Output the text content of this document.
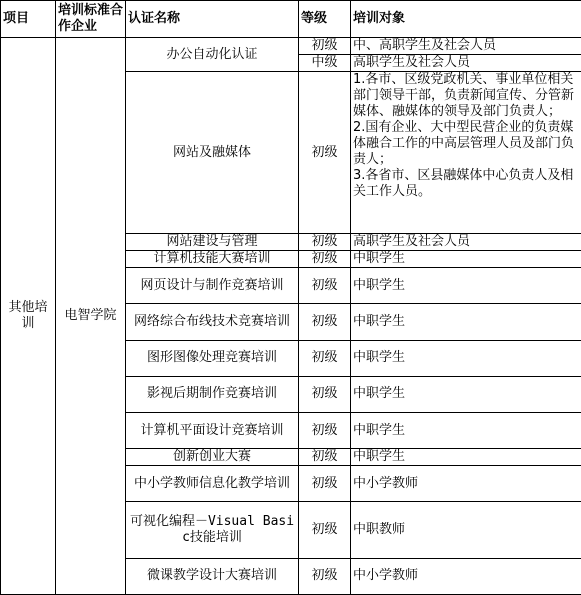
项目	培训标准合作企业	认证名称	等级	培训对象
其他培训	电智学院	办公自动化认证	初级	中、高职学生及社会人员
			中级	高职学生及社会人员
		网站及融媒体	初级	1.各市、区级党政机关、事业单位相关部门领导干部，负责新闻宣传、分管新媒体、融媒体的领导及部门负责人；
2.国有企业、大中型民营企业的负责媒体融合工作的中高层管理人员及部门负责人；
3.各省市、区县融媒体中心负责人及相关工作人员。

		网站建设与管理	初级	高职学生及社会人员
		计算机技能大赛培训	初级	中职学生
		网页设计与制作竞赛培训	初级	中职学生
		网络综合布线技术竞赛培训	初级	中职学生
		图形图像处理竞赛培训	初级	中职学生
		影视后期制作竞赛培训	初级	中职学生
		计算机平面设计竞赛培训	初级	中职学生
		创新创业大赛	初级	中职学生
		中小学教师信息化教学培训	初级	中小学教师
		可视化编程－Visual Basic技能培训	初级	中职教师
		微课教学设计大赛培训	初级	中小学教师
